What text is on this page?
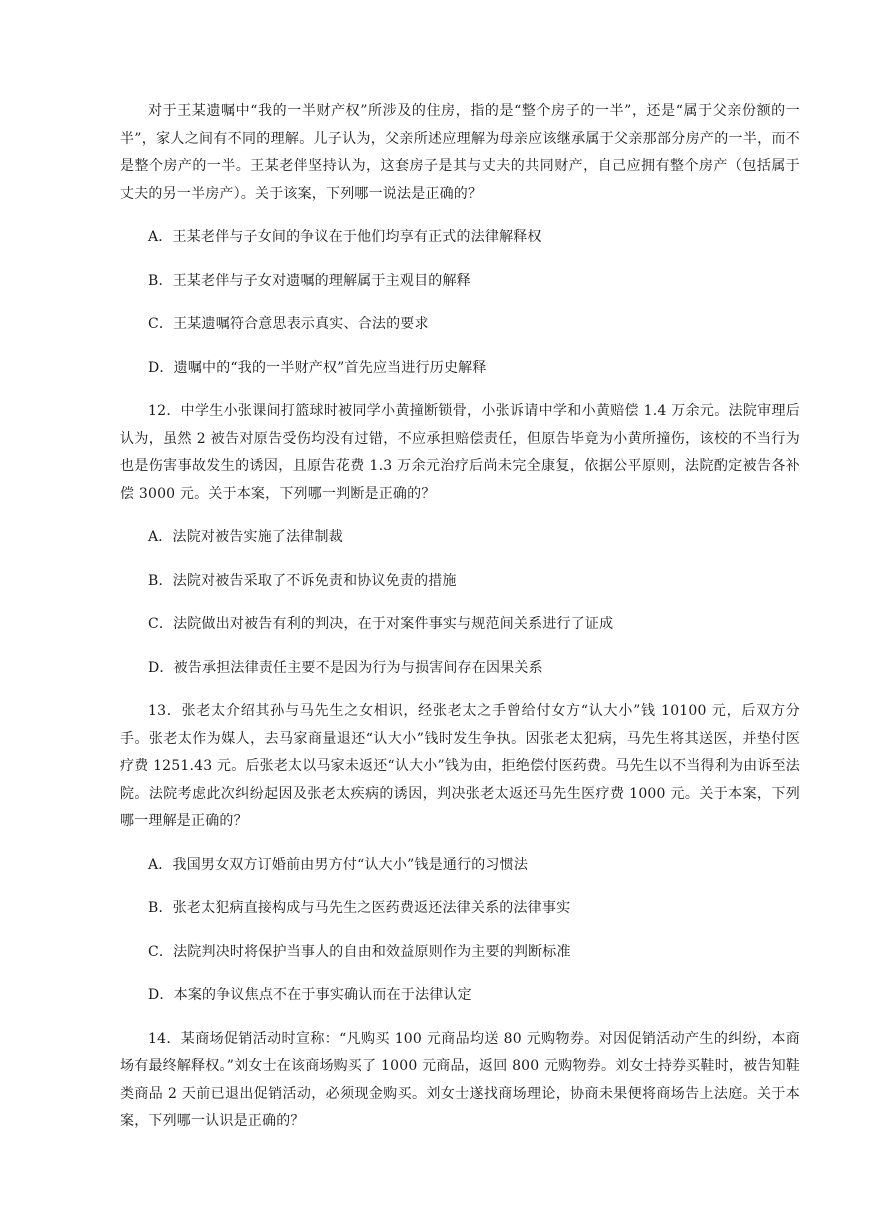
对于王某遗嘱中“我的一半财产权”所涉及的住房，指的是“整个房子的一半”，还是“属于父亲份额的一半”，家人之间有不同的理解。儿子认为，父亲所述应理解为母亲应该继承属于父亲那部分房产的一半，而不是整个房产的一半。王某老伴坚持认为，这套房子是其与丈夫的共同财产，自己应拥有整个房产（包括属于丈夫的另一半房产）。关于该案，下列哪一说法是正确的？

A．王某老伴与子女间的争议在于他们均享有正式的法律解释权

B．王某老伴与子女对遗嘱的理解属于主观目的解释

C．王某遗嘱符合意思表示真实、合法的要求

D．遗嘱中的“我的一半财产权”首先应当进行历史解释

12．中学生小张课间打篮球时被同学小黄撞断锁骨，小张诉请中学和小黄赔偿 1.4 万余元。法院审理后认为，虽然 2 被告对原告受伤均没有过错，不应承担赔偿责任，但原告毕竟为小黄所撞伤，该校的不当行为也是伤害事故发生的诱因，且原告花费 1.3 万余元治疗后尚未完全康复，依据公平原则，法院酌定被告各补偿 3000 元。关于本案，下列哪一判断是正确的？

A．法院对被告实施了法律制裁

B．法院对被告采取了不诉免责和协议免责的措施

C．法院做出对被告有利的判决，在于对案件事实与规范间关系进行了证成

D．被告承担法律责任主要不是因为行为与损害间存在因果关系

13．张老太介绍其孙与马先生之女相识，经张老太之手曾给付女方“认大小”钱 10100 元，后双方分手。张老太作为媒人，去马家商量退还“认大小”钱时发生争执。因张老太犯病，马先生将其送医，并垫付医疗费 1251.43 元。后张老太以马家未返还“认大小”钱为由，拒绝偿付医药费。马先生以不当得利为由诉至法院。法院考虑此次纠纷起因及张老太疾病的诱因，判决张老太返还马先生医疗费 1000 元。关于本案，下列哪一理解是正确的？

A．我国男女双方订婚前由男方付“认大小”钱是通行的习惯法

B．张老太犯病直接构成与马先生之医药费返还法律关系的法律事实

C．法院判决时将保护当事人的自由和效益原则作为主要的判断标准

D．本案的争议焦点不在于事实确认而在于法律认定

14．某商场促销活动时宣称：“凡购买 100 元商品均送 80 元购物券。对因促销活动产生的纠纷，本商场有最终解释权。”刘女士在该商场购买了 1000 元商品，返回 800 元购物券。刘女士持券买鞋时，被告知鞋类商品 2 天前已退出促销活动，必须现金购买。刘女士遂找商场理论，协商未果便将商场告上法庭。关于本案，下列哪一认识是正确的？
